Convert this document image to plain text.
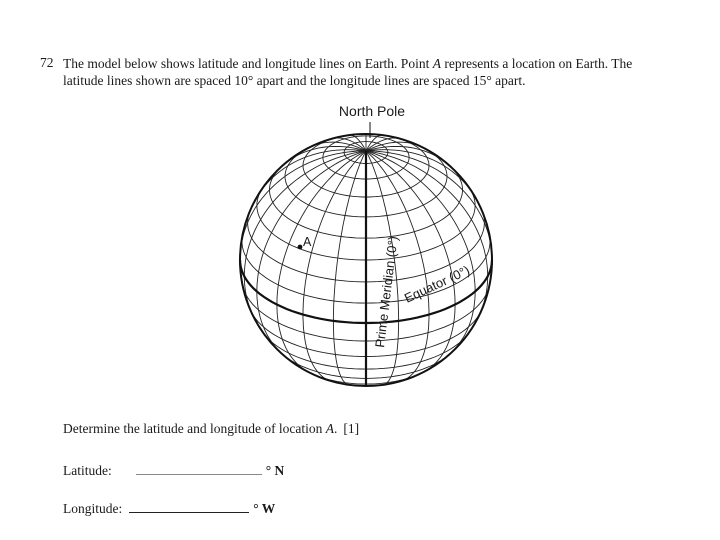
72 The model below shows latitude and longitude lines on Earth. Point A represents a location on Earth. The
latitude lines shown are spaced 10° apart and the longitude lines are spaced 15° apart.
North Pole
A	Prime Meridian (0°) Equator (0°)
Determine the latitude and longitude of location A. [1]
Latitude:	° N
Longitude:	° W
